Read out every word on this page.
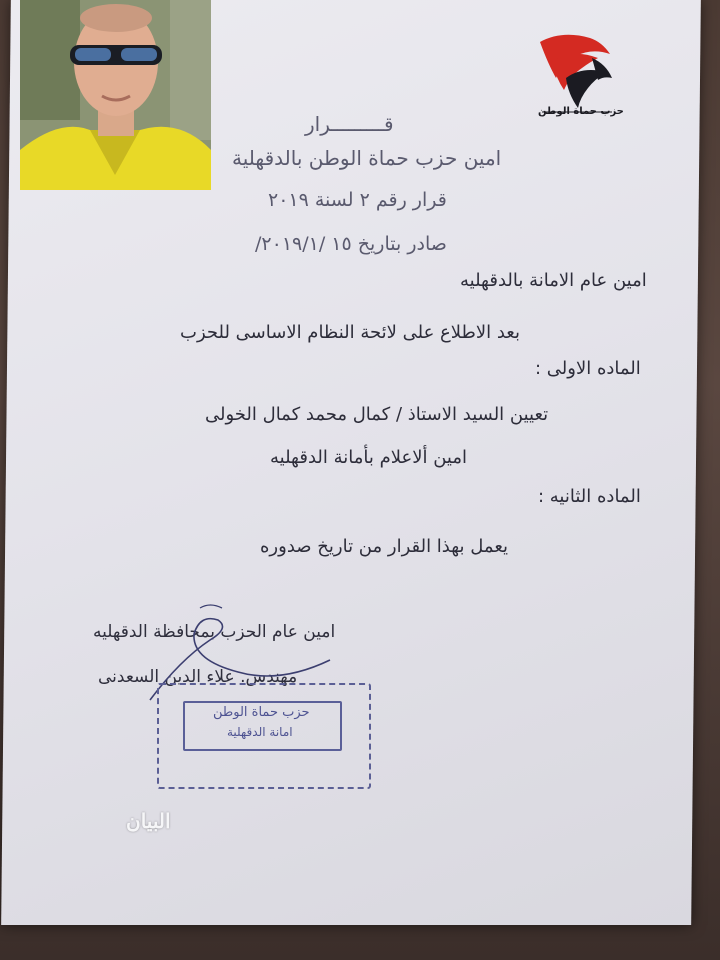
حزب حماة الوطن
قـــــــــرار
امين حزب حماة الوطن بالدقهلية
قرار رقم ٢ لسنة ٢٠١٩
صادر بتاريخ ١٥ /٢٠١٩/١/
امين عام الامانة بالدقهليه
بعد الاطلاع على لائحة النظام الاساسى للحزب
الماده الاولى :
تعيين السيد الاستاذ / كمال محمد كمال الخولى
امين ألاعلام بأمانة الدقهليه
الماده الثانيه :
يعمل بهذا القرار من تاريخ صدوره
امين عام الحزب بمحافظة الدقهليه
مهندس. علاء الدين السعدنى
حزب حماة الوطن
امانة الدقهلية
البيان
